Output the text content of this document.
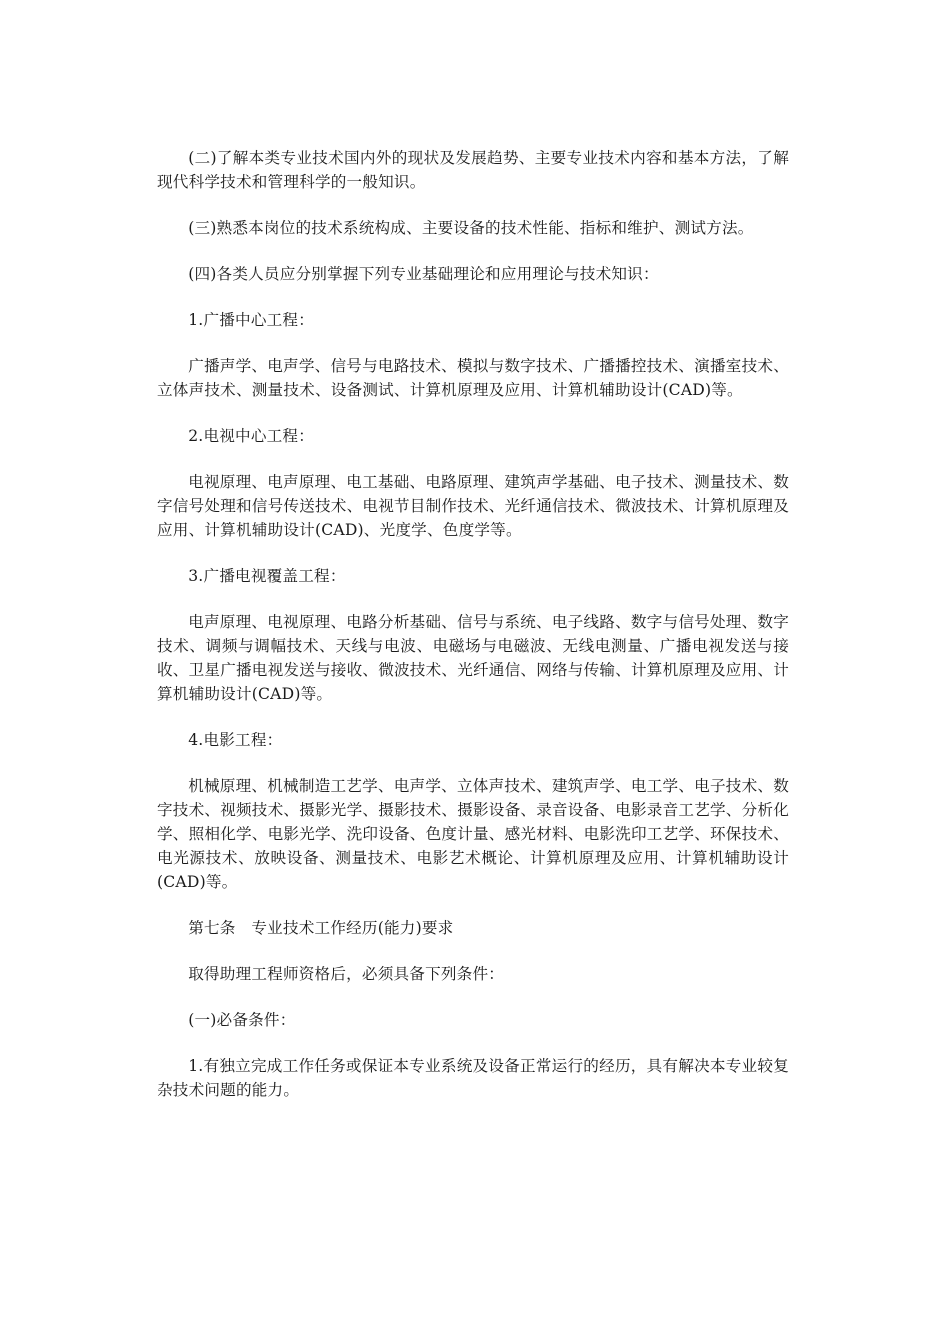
(二)了解本类专业技术国内外的现状及发展趋势、主要专业技术内容和基本方法，了解现代科学技术和管理科学的一般知识。

(三)熟悉本岗位的技术系统构成、主要设备的技术性能、指标和维护、测试方法。

(四)各类人员应分别掌握下列专业基础理论和应用理论与技术知识：

1.广播中心工程：

广播声学、电声学、信号与电路技术、模拟与数字技术、广播播控技术、演播室技术、立体声技术、测量技术、设备测试、计算机原理及应用、计算机辅助设计(CAD)等。

2.电视中心工程：

电视原理、电声原理、电工基础、电路原理、建筑声学基础、电子技术、测量技术、数字信号处理和信号传送技术、电视节目制作技术、光纤通信技术、微波技术、计算机原理及应用、计算机辅助设计(CAD)、光度学、色度学等。

3.广播电视覆盖工程：

电声原理、电视原理、电路分析基础、信号与系统、电子线路、数字与信号处理、数字技术、调频与调幅技术、天线与电波、电磁场与电磁波、无线电测量、广播电视发送与接收、卫星广播电视发送与接收、微波技术、光纤通信、网络与传输、计算机原理及应用、计算机辅助设计(CAD)等。

4.电影工程：

机械原理、机械制造工艺学、电声学、立体声技术、建筑声学、电工学、电子技术、数字技术、视频技术、摄影光学、摄影技术、摄影设备、录音设备、电影录音工艺学、分析化学、照相化学、电影光学、洗印设备、色度计量、感光材料、电影洗印工艺学、环保技术、电光源技术、放映设备、测量技术、电影艺术概论、计算机原理及应用、计算机辅助设计(CAD)等。

第七条　专业技术工作经历(能力)要求

取得助理工程师资格后，必须具备下列条件：

(一)必备条件：

1.有独立完成工作任务或保证本专业系统及设备正常运行的经历，具有解决本专业较复杂技术问题的能力。
